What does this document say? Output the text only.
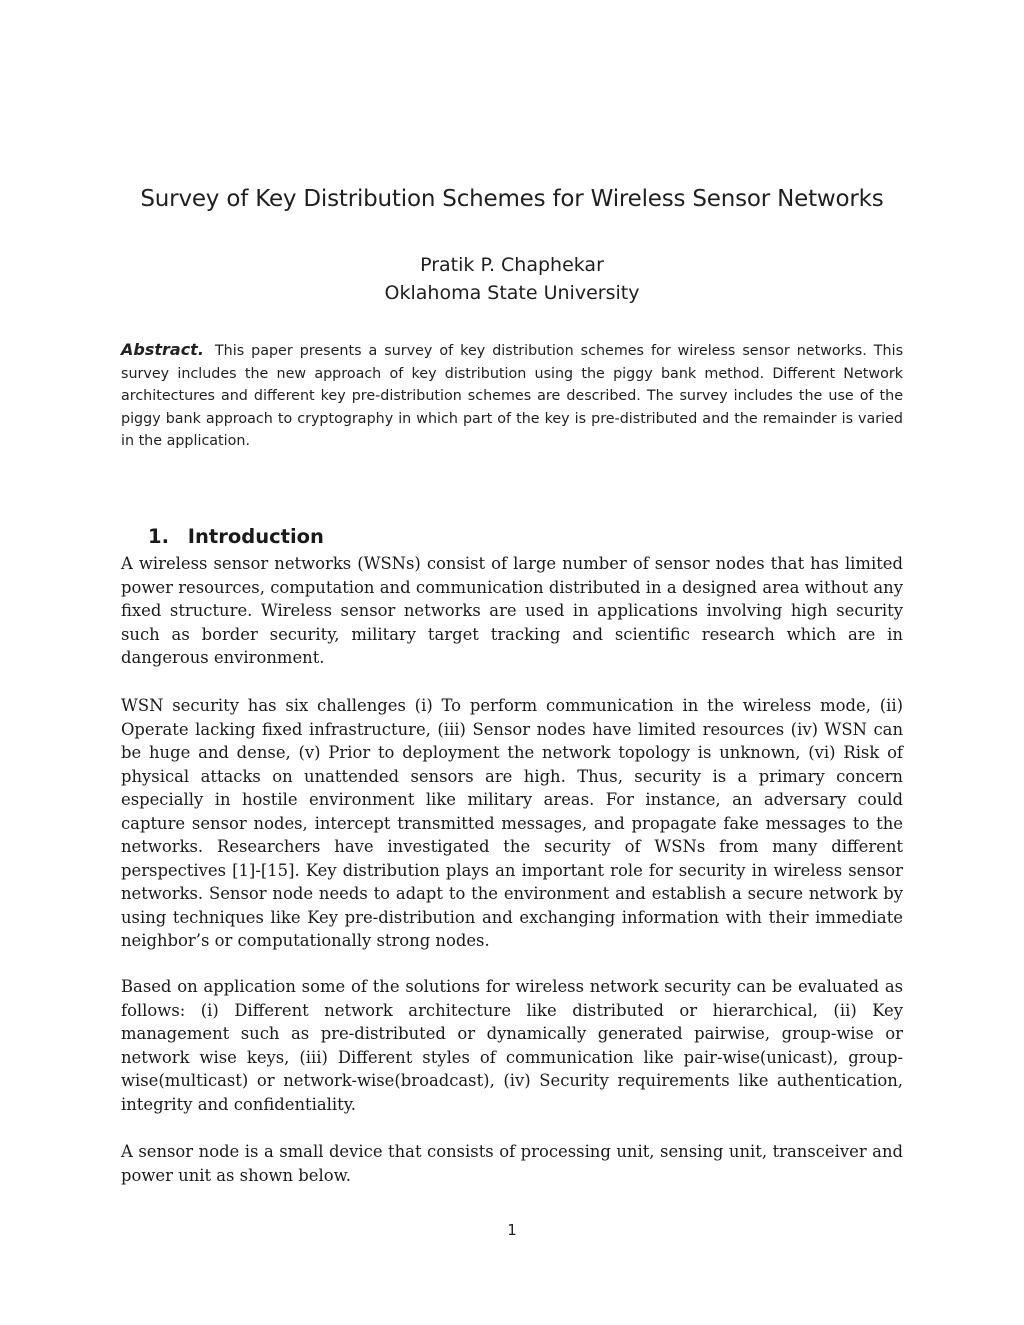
Survey of Key Distribution Schemes for Wireless Sensor Networks
Pratik P. Chaphekar
Oklahoma State University
Abstract. This paper presents a survey of key distribution schemes for wireless sensor networks. This survey includes the new approach of key distribution using the piggy bank method. Different Network architectures and different key pre-distribution schemes are described. The survey includes the use of the piggy bank approach to cryptography in which part of the key is pre-distributed and the remainder is varied in the application.
1. Introduction
A wireless sensor networks (WSNs) consist of large number of sensor nodes that has limited power resources, computation and communication distributed in a designed area without any fixed structure. Wireless sensor networks are used in applications involving high security such as border security, military target tracking and scientific research which are in dangerous environment.
WSN security has six challenges (i) To perform communication in the wireless mode, (ii) Operate lacking fixed infrastructure, (iii) Sensor nodes have limited resources (iv) WSN can be huge and dense, (v) Prior to deployment the network topology is unknown, (vi) Risk of physical attacks on unattended sensors are high. Thus, security is a primary concern especially in hostile environment like military areas. For instance, an adversary could capture sensor nodes, intercept transmitted messages, and propagate fake messages to the networks. Researchers have investigated the security of WSNs from many different perspectives [1]-[15]. Key distribution plays an important role for security in wireless sensor networks. Sensor node needs to adapt to the environment and establish a secure network by using techniques like Key pre-distribution and exchanging information with their immediate neighbor’s or computationally strong nodes.
Based on application some of the solutions for wireless network security can be evaluated as follows: (i) Different network architecture like distributed or hierarchical, (ii) Key management such as pre-distributed or dynamically generated pairwise, group-wise or network wise keys, (iii) Different styles of communication like pair-wise(unicast), group-wise(multicast) or network-wise(broadcast), (iv) Security requirements like authentication, integrity and confidentiality.
A sensor node is a small device that consists of processing unit, sensing unit, transceiver and power unit as shown below.
1
